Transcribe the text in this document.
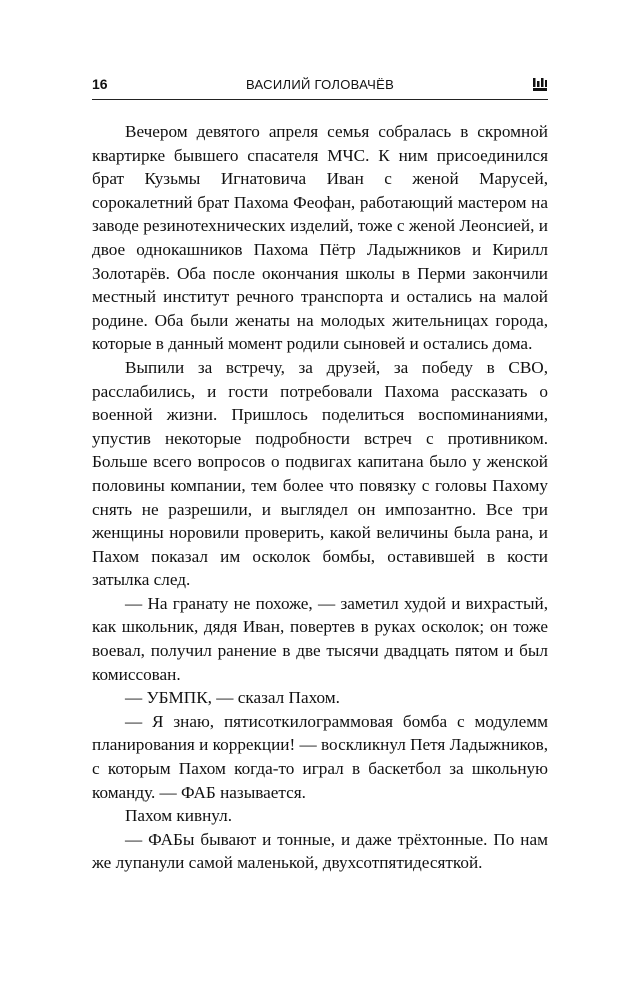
16	ВАСИЛИЙ ГОЛОВАЧЁВ

Вечером девятого апреля семья собралась в скромной квартирке бывшего спасателя МЧС. К ним присоединился брат Кузьмы Игнатовича Иван с женой Марусей, сорокалетний брат Пахома Феофан, работающий мастером на заводе резинотехнических изделий, тоже с женой Леонсией, и двое однокашников Пахома Пётр Ладыжников и Кирилл Золотарёв. Оба после окончания школы в Перми закончили местный институт речного транспорта и остались на малой родине. Оба были женаты на молодых жительницах города, которые в данный момент родили сыновей и остались дома.

Выпили за встречу, за друзей, за победу в СВО, расслабились, и гости потребовали Пахома рассказать о военной жизни. Пришлось поделиться воспоминаниями, упустив некоторые подробности встреч с противником. Больше всего вопросов о подвигах капитана было у женской половины компании, тем более что повязку с головы Пахому снять не разрешили, и выглядел он импозантно. Все три женщины норовили проверить, какой величины была рана, и Пахом показал им осколок бомбы, оставившей в кости затылка след.

— На гранату не похоже, — заметил худой и вихрастый, как школьник, дядя Иван, повертев в руках осколок; он тоже воевал, получил ранение в две тысячи двадцать пятом и был комиссован.

— УБМПК, — сказал Пахом.

— Я знаю, пятисоткилограммовая бомба с модулемм планирования и коррекции! — воскликнул Петя Ладыжников, с которым Пахом когда-то играл в баскетбол за школьную команду. — ФАБ называется.

Пахом кивнул.

— ФАБы бывают и тонные, и даже трёхтонные. По нам же лупанули самой маленькой, двухсотпятидесяткой.
